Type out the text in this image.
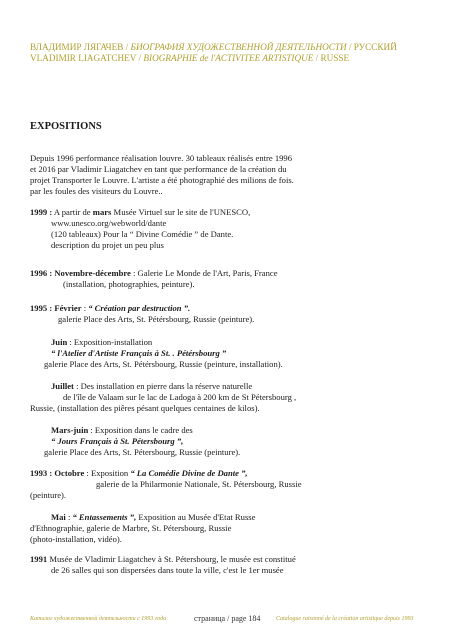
ВЛАДИМИР ЛЯГАЧЕВ / БИОГРАФИЯ ХУДОЖЕСТВЕННОЙ ДЕЯТЕЛЬНОСТИ / РУССКИЙ
VLADIMIR LIAGATCHEV / BIOGRAPHIE de l'ACTIVITEE ARTISTIQUE / RUSSE
EXPOSITIONS
Depuis 1996 performance réalisation louvre. 30 tableaux réalisés entre 1996
et 2016 par Vladimir Liagatchev en tant que performance de la création du
projet Transporter le Louvre. L'artiste a été photographié des milions de fois.
par les foules des visiteurs du Louvre..
1999 : A partir de mars Musée Virtuel sur le site de l'UNESCO,
www.unesco.org/webworld/dante
(120 tableaux) Pour la “ Divine Comédie ” de Dante.
description du projet un peu plus
1996 : Novembre-décembre : Galerie Le Monde de l'Art, Paris, France
(installation, photographies, peinture).
1995 : Février : “ Création par destruction ”.
galerie Place des Arts, St. Pétérsbourg, Russie (peinture).
Juin : Exposition-installation
“ l'Atelier d'Artiste Français à St. . Pétérsbourg ”
galerie Place des Arts, St. Pétérsbourg, Russie (peinture, installation).
Juillet : Des installation en pierre dans la réserve naturelle
de l'île de Valaam sur le lac de Ladoga à 200 km de St Pétersbourg ,
Russie, (installation des piêres pésant quelques centaines de kilos).
Mars-juin : Exposition dans le cadre des
“ Jours Français à St. Pétersbourg ”,
galerie Place des Arts, St. Pétersbourg, Russie (peinture).
1993 : Octobre : Exposition “ La Comédie Divine de Dante ”,
galerie de la Philarmonie Nationale, St. Pétersbourg, Russie
(peinture).
Mai : “ Entassements ”, Exposition au Musée d'Etat Russe
d'Ethnographie, galerie de Marbre, St. Pétersbourg, Russie
(photo-installation, vidéo).
1991 Musée de Vladimir Liagatchev à St. Pétersbourg, le musée est constitué
de 26 salles qui son dispersées dans toute la ville, c'est le 1er musée
Каталог художественной деятельности с 1993 года	страница / page 184	Catalogue raisonné de la création artistique depuis 1993
